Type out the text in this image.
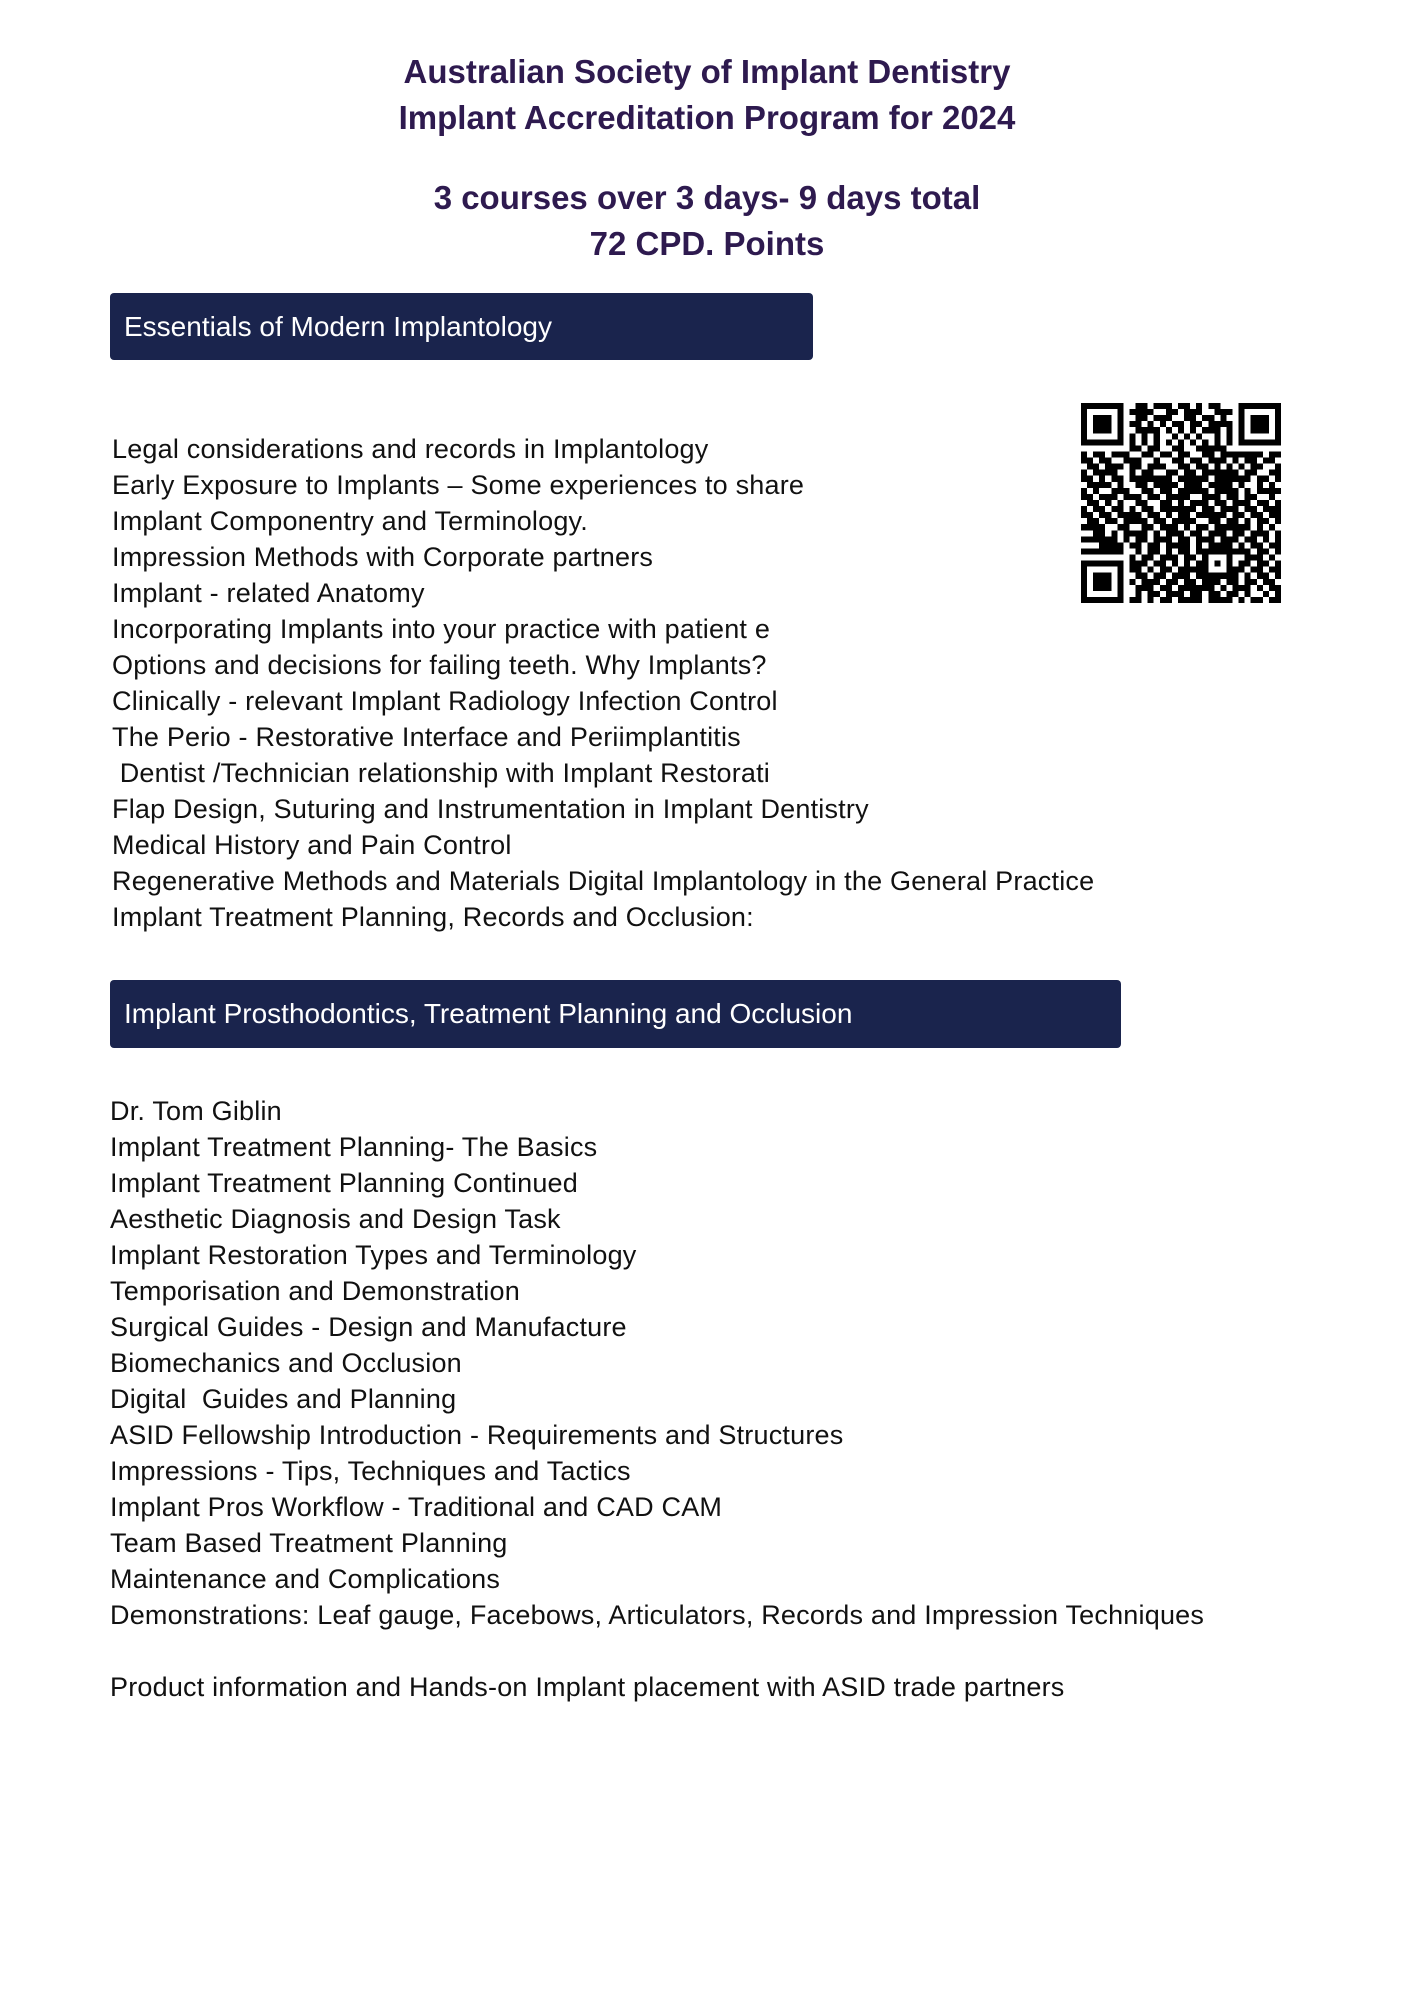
Australian Society of Implant Dentistry
Implant Accreditation Program for 2024
3 courses over 3 days- 9 days total
72 CPD. Points
Essentials of Modern Implantology
Legal considerations and records in Implantology
Early Exposure to Implants – Some experiences to share
Implant Componentry and Terminology.
Impression Methods with Corporate partners
Implant - related Anatomy
Incorporating Implants into your practice with patient e
Options and decisions for failing teeth. Why Implants?
Clinically - relevant Implant Radiology Infection Control
The Perio - Restorative Interface and Periimplantitis
Dentist /Technician relationship with Implant Restorati
Flap Design, Suturing and Instrumentation in Implant Dentistry
Medical History and Pain Control
Regenerative Methods and Materials Digital Implantology in the General Practice
Implant Treatment Planning, Records and Occlusion:
Implant Prosthodontics, Treatment Planning and Occlusion
Dr. Tom Giblin
Implant Treatment Planning- The Basics
Implant Treatment Planning Continued
Aesthetic Diagnosis and Design Task
Implant Restoration Types and Terminology
Temporisation and Demonstration
Surgical Guides - Design and Manufacture
Biomechanics and Occlusion
Digital  Guides and Planning
ASID Fellowship Introduction - Requirements and Structures
Impressions - Tips, Techniques and Tactics
Implant Pros Workflow - Traditional and CAD CAM
Team Based Treatment Planning
Maintenance and Complications
Demonstrations: Leaf gauge, Facebows, Articulators, Records and Impression Techniques
Product information and Hands-on Implant placement with ASID trade partners
